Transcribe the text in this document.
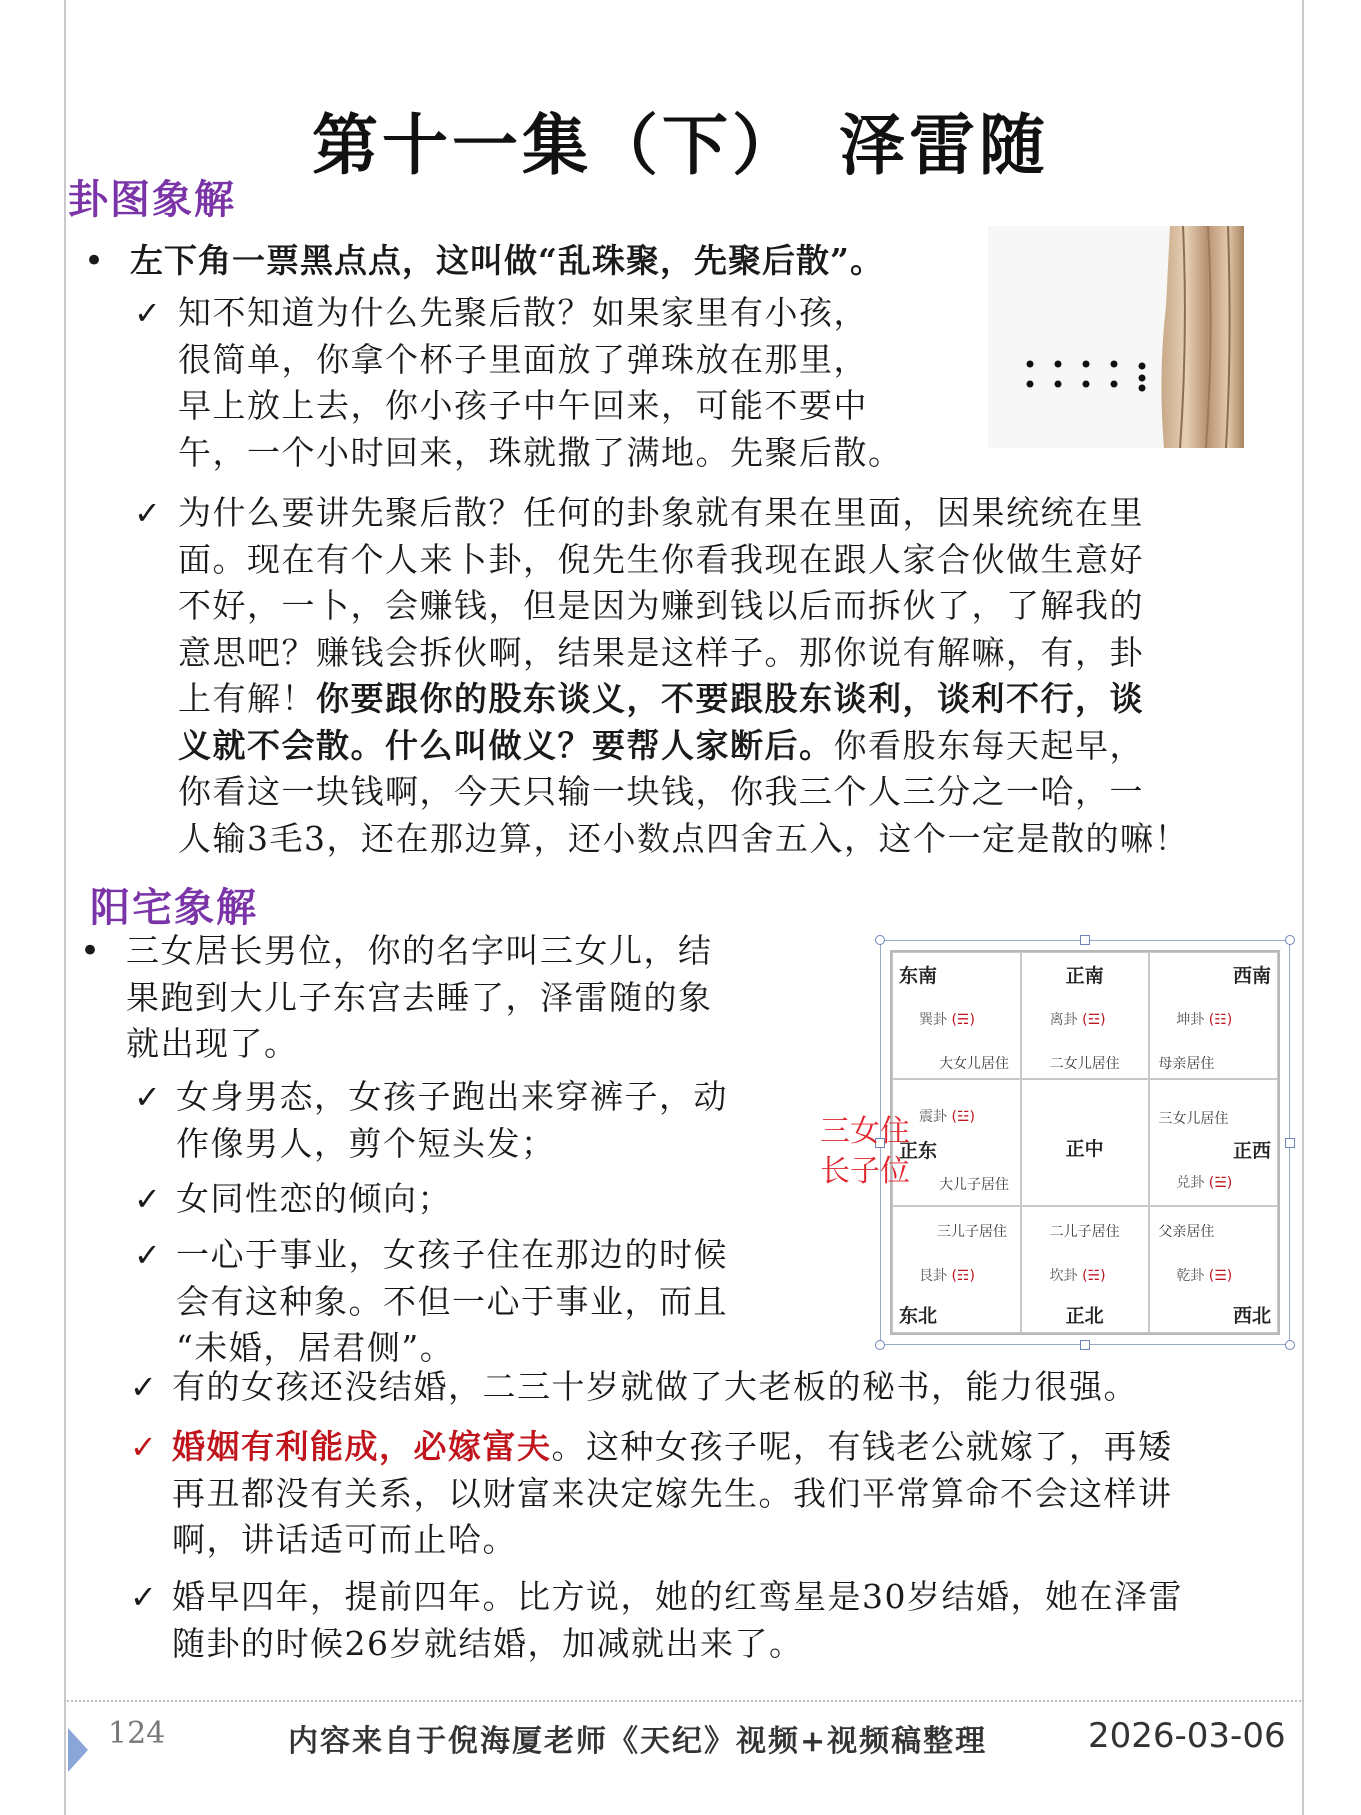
第十一集（下）　泽雷随
卦图象解
• 左下角一票黑点点，这叫做“乱珠聚，先聚后散”。
✓ 知不知道为什么先聚后散？如果家里有小孩，
很简单，你拿个杯子里面放了弹珠放在那里，
早上放上去，你小孩子中午回来，可能不要中
午，一个小时回来，珠就撒了满地。先聚后散。
✓ 为什么要讲先聚后散？任何的卦象就有果在里面，因果统统在里
面。现在有个人来卜卦，倪先生你看我现在跟人家合伙做生意好
不好，一卜，会赚钱，但是因为赚到钱以后而拆伙了，了解我的
意思吧？赚钱会拆伙啊，结果是这样子。那你说有解嘛，有，卦
上有解！你要跟你的股东谈义，不要跟股东谈利，谈利不行，谈
义就不会散。什么叫做义？要帮人家断后。你看股东每天起早，
你看这一块钱啊，今天只输一块钱，你我三个人三分之一哈，一
人输3毛3，还在那边算，还小数点四舍五入，这个一定是散的嘛！
阳宅象解
• 三女居长男位，你的名字叫三女儿，结
果跑到大儿子东宫去睡了，泽雷随的象
就出现了。
✓ 女身男态，女孩子跑出来穿裤子，动
作像男人，剪个短头发；
✓ 女同性恋的倾向；
✓ 一心于事业，女孩子住在那边的时候
会有这种象。不但一心于事业，而且
“未婚，居君侧”。
✓ 有的女孩还没结婚，二三十岁就做了大老板的秘书，能力很强。
✓ 婚姻有利能成，必嫁富夫。这种女孩子呢，有钱老公就嫁了，再矮
再丑都没有关系，以财富来决定嫁先生。我们平常算命不会这样讲
啊，讲话适可而止哈。
✓ 婚早四年，提前四年。比方说，她的红鸾星是30岁结婚，她在泽雷
随卦的时候26岁就结婚，加减就出来了。
东南
巽卦 (☴)
大女儿居住
正南
离卦 (☲)
二女儿居住
西南
坤卦 (☷)
母亲居住
震卦 (☳)
正东
大儿子居住
正中
三女儿居住
正西
兑卦 (☱)
三儿子居住
艮卦 (☶)
东北
二儿子居住
坎卦 (☵)
正北
父亲居住
乾卦 (☰)
西北
三女住
长子位
124	内容来自于倪海厦老师《天纪》视频+视频稿整理	2026-03-06
